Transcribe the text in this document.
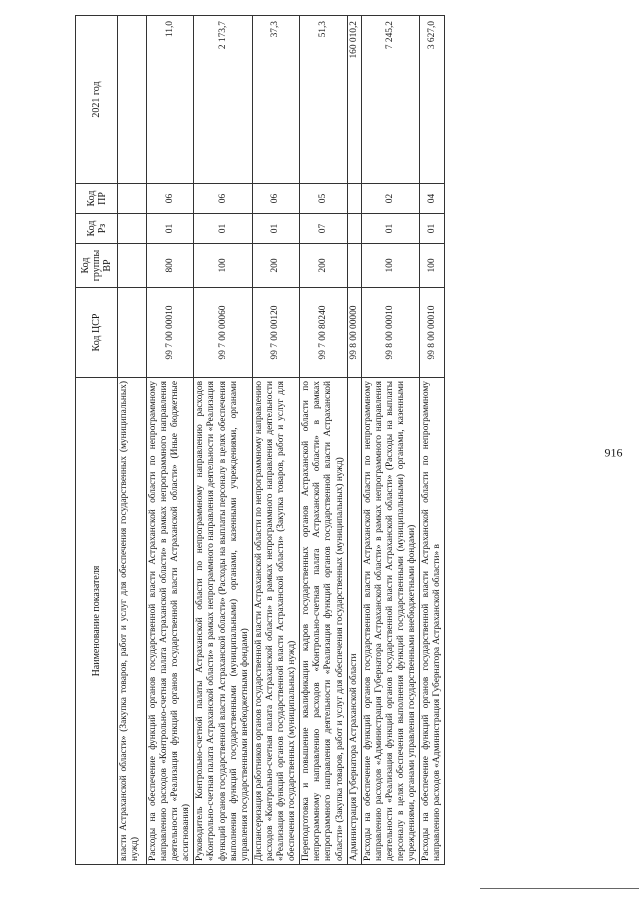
916
Наименование показателя	Код ЦСР	Код группы ВР	Код Рз	Код ПР	2021 год
власти Астраханской области» (Закупка товаров, работ и услуг для обеспечения государственных (муниципальных) нужд)					
Расходы на обеспечение функций органов государственной власти Астраханской области по непрограммному направлению расходов «Контрольно-счетная палата Астраханской области» в рамках непрограммного направления деятельности «Реализация функций органов государственной власти Астраханской области» (Иные бюджетные ассигнования)	99 7 00 00010	800	01	06	11,0
Руководитель Контрольно-счетной палаты Астраханской области по непрограммному направлению расходов «Контрольно-счетная палата Астраханской области» в рамках непрограммного направления деятельности «Реализация функций органов государственной власти Астраханской области» (Расходы на выплаты персоналу в целях обеспечения выполнения функций государственными (муниципальными) органами, казенными учреждениями, органами управления государственными внебюджетными фондами)	99 7 00 00060	100	01	06	2 173,7
Диспансеризация работников органов государственной власти Астраханской области по непрограммному направлению расходов «Контрольно-счетная палата Астраханской области» в рамках непрограммного направления деятельности «Реализация функций органов государственной власти Астраханской области» (Закупка товаров, работ и услуг для обеспечения государственных (муниципальных) нужд)	99 7 00 00120	200	01	06	37,3
Переподготовка и повышение квалификации кадров государственных органов Астраханской области по непрограммному направлению расходов «Контрольно-счетная палата Астраханской области» в рамках непрограммного направления деятельности «Реализация функций органов государственной власти Астраханской области» (Закупка товаров, работ и услуг для обеспечения государственных (муниципальных) нужд)	99 7 00 80240	200	07	05	51,3
Администрация Губернатора Астраханской области	99 8 00 00000				160 010,2
Расходы на обеспечение функций органов государственной власти Астраханской области по непрограммному направлению расходов «Администрация Губернатора Астраханской области» в рамках непрограммного направления деятельности «Реализация функций органов государственной власти Астраханской области» (Расходы на выплаты персоналу в целях обеспечения выполнения функций государственными (муниципальными) органами, казенными учреждениями, органами управления государственными внебюджетными фондами)	99 8 00 00010	100	01	02	7 245,2
Расходы на обеспечение функций органов государственной власти Астраханской области по непрограммному направлению расходов «Администрация Губернатора Астраханской области» в	99 8 00 00010	100	01	04	3 627,0
